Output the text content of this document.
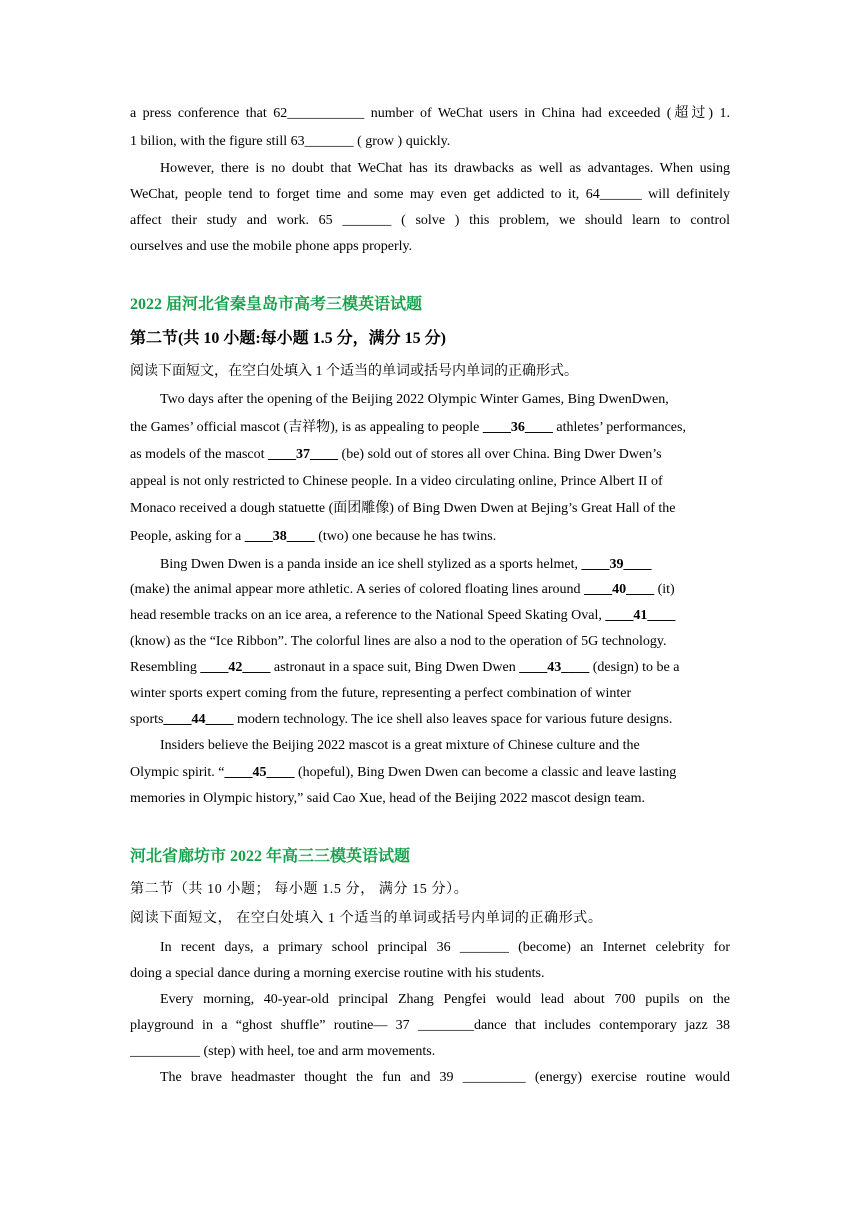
a press conference that 62___________ number of WeChat users in China had exceeded (超过) 1.
1 bilion, with the figure still 63_______ ( grow ) quickly.
However, there is no doubt that WeChat has its drawbacks as well as advantages. When using
WeChat, people tend to forget time and some may even get addicted to it, 64______ will definitely
affect their study and work. 65 _______ ( solve ) this problem, we should learn to control
ourselves and use the mobile phone apps properly.
2022 届河北省秦皇岛市高考三模英语试题
第二节(共 10 小题:每小题 1.5 分，满分 15 分)
阅读下面短文，在空白处填入 1 个适当的单词或括号内单词的正确形式。
Two days after the opening of the Beijing 2022 Olympic Winter Games, Bing DwenDwen,
the Games’ official mascot (吉祥物), is as appealing to people ____36____ athletes’ performances,
as models of the mascot ____37____ (be) sold out of stores all over China. Bing Dwer Dwen’s
appeal is not only restricted to Chinese people. In a video circulating online, Prince Albert II of
Monaco received a dough statuette (面团雕像) of Bing Dwen Dwen at Bejing’s Great Hall of the
People, asking for a ____38____ (two) one because he has twins.
Bing Dwen Dwen is a panda inside an ice shell stylized as a sports helmet, ____39____
(make) the animal appear more athletic. A series of colored floating lines around ____40____ (it)
head resemble tracks on an ice area, a reference to the National Speed Skating Oval, ____41____
(know) as the “Ice Ribbon”. The colorful lines are also a nod to the operation of 5G technology.
Resembling ____42____ astronaut in a space suit, Bing Dwen Dwen ____43____ (design) to be a
winter sports expert coming from the future, representing a perfect combination of winter
sports____44____ modern technology. The ice shell also leaves space for various future designs.
Insiders believe the Beijing 2022 mascot is a great mixture of Chinese culture and the
Olympic spirit. “____45____ (hopeful), Bing Dwen Dwen can become a classic and leave lasting
memories in Olympic history,” said Cao Xue, head of the Beijing 2022 mascot design team.
河北省廊坊市 2022 年高三三模英语试题
第二节（共 10 小题； 每小题 1.5 分， 满分 15 分）。
阅读下面短文， 在空白处填入 1 个适当的单词或括号内单词的正确形式。
In recent days, a primary school principal 36 _______ (become) an Internet celebrity for
doing a special dance during a morning exercise routine with his students.
Every morning, 40-year-old principal Zhang Pengfei would lead about 700 pupils on the
playground in a “ghost shuffle” routine— 37 ________dance that includes contemporary jazz 38
__________ (step) with heel, toe and arm movements.
The brave headmaster thought the fun and 39 _________ (energy) exercise routine would
